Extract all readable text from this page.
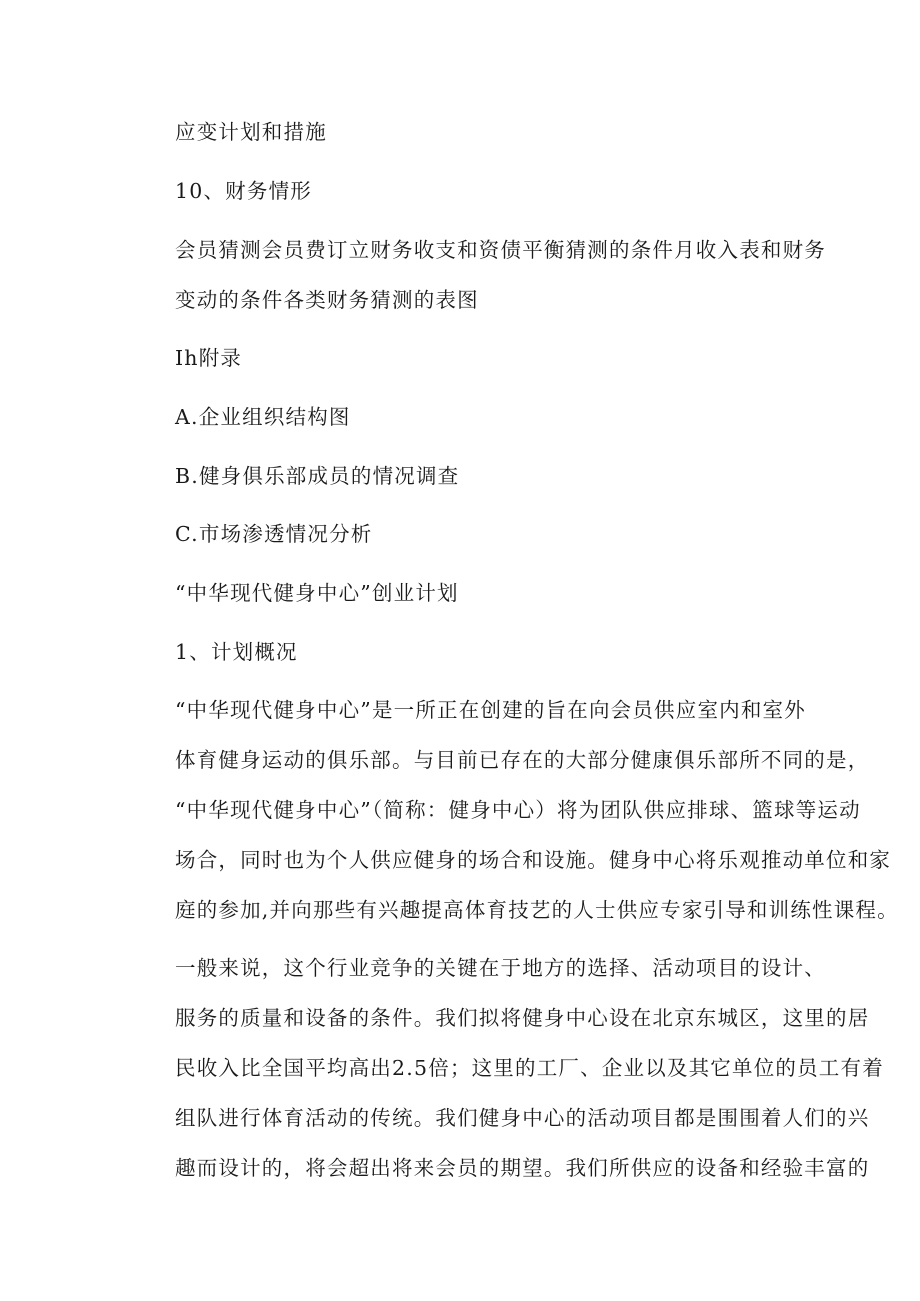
应变计划和措施
10、财务情形
会员猜测会员费订立财务收支和资债平衡猜测的条件月收入表和财务
变动的条件各类财务猜测的表图
Ih附录
A.企业组织结构图
B.健身俱乐部成员的情况调查
C.市场渗透情况分析
“中华现代健身中心”创业计划
1、计划概况
“中华现代健身中心”是一所正在创建的旨在向会员供应室内和室外
体育健身运动的俱乐部。与目前已存在的大部分健康俱乐部所不同的是，
“中华现代健身中心”（简称：健身中心）将为团队供应排球、篮球等运动
场合，同时也为个人供应健身的场合和设施。健身中心将乐观推动单位和家
庭的参加,并向那些有兴趣提高体育技艺的人士供应专家引导和训练性课程。
一般来说，这个行业竞争的关键在于地方的选择、活动项目的设计、
服务的质量和设备的条件。我们拟将健身中心设在北京东城区，这里的居
民收入比全国平均高出2.5倍；这里的工厂、企业以及其它单位的员工有着
组队进行体育活动的传统。我们健身中心的活动项目都是围围着人们的兴
趣而设计的，将会超出将来会员的期望。我们所供应的设备和经验丰富的
